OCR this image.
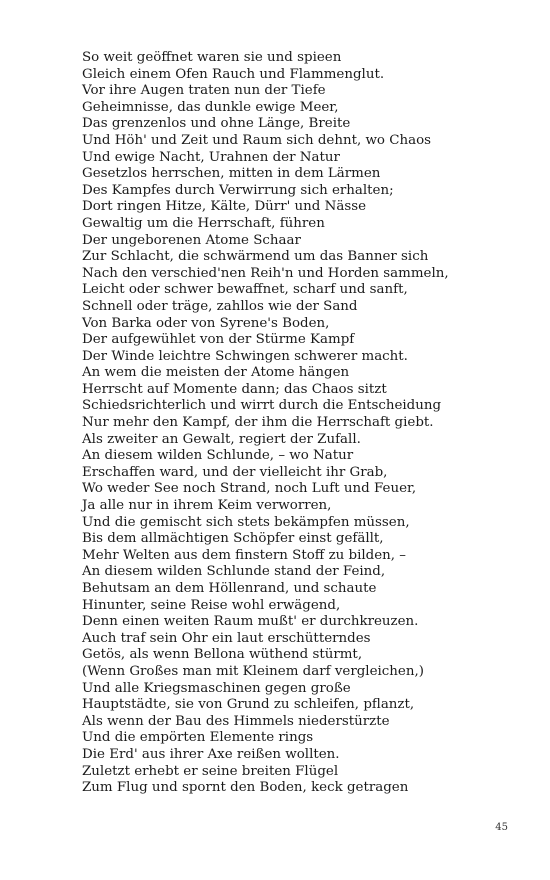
So weit geöffnet waren sie und spieen
Gleich einem Ofen Rauch und Flammenglut.
Vor ihre Augen traten nun der Tiefe
Geheimnisse, das dunkle ewige Meer,
Das grenzenlos und ohne Länge, Breite
Und Höh' und Zeit und Raum sich dehnt, wo Chaos
Und ewige Nacht, Urahnen der Natur
Gesetzlos herrschen, mitten in dem Lärmen
Des Kampfes durch Verwirrung sich erhalten;
Dort ringen Hitze, Kälte, Dürr' und Nässe
Gewaltig um die Herrschaft, führen
Der ungeborenen Atome Schaar
Zur Schlacht, die schwärmend um das Banner sich
Nach den verschied'nen Reih'n und Horden sammeln,
Leicht oder schwer bewaffnet, scharf und sanft,
Schnell oder träge, zahllos wie der Sand
Von Barka oder von Syrene's Boden,
Der aufgewühlet von der Stürme Kampf
Der Winde leichtre Schwingen schwerer macht.
An wem die meisten der Atome hängen
Herrscht auf Momente dann; das Chaos sitzt
Schiedsrichterlich und wirrt durch die Entscheidung
Nur mehr den Kampf, der ihm die Herrschaft giebt.
Als zweiter an Gewalt, regiert der Zufall.
An diesem wilden Schlunde, – wo Natur
Erschaffen ward, und der vielleicht ihr Grab,
Wo weder See noch Strand, noch Luft und Feuer,
Ja alle nur in ihrem Keim verworren,
Und die gemischt sich stets bekämpfen müssen,
Bis dem allmächtigen Schöpfer einst gefällt,
Mehr Welten aus dem finstern Stoff zu bilden, –
An diesem wilden Schlunde stand der Feind,
Behutsam an dem Höllenrand, und schaute
Hinunter, seine Reise wohl erwägend,
Denn einen weiten Raum mußt' er durchkreuzen.
Auch traf sein Ohr ein laut erschütterndes
Getös, als wenn Bellona wüthend stürmt,
(Wenn Großes man mit Kleinem darf vergleichen,)
Und alle Kriegsmaschinen gegen große
Hauptstädte, sie von Grund zu schleifen, pflanzt,
Als wenn der Bau des Himmels niederstürzte
Und die empörten Elemente rings
Die Erd' aus ihrer Axe reißen wollten.
Zuletzt erhebt er seine breiten Flügel
Zum Flug und spornt den Boden, keck getragen
45
